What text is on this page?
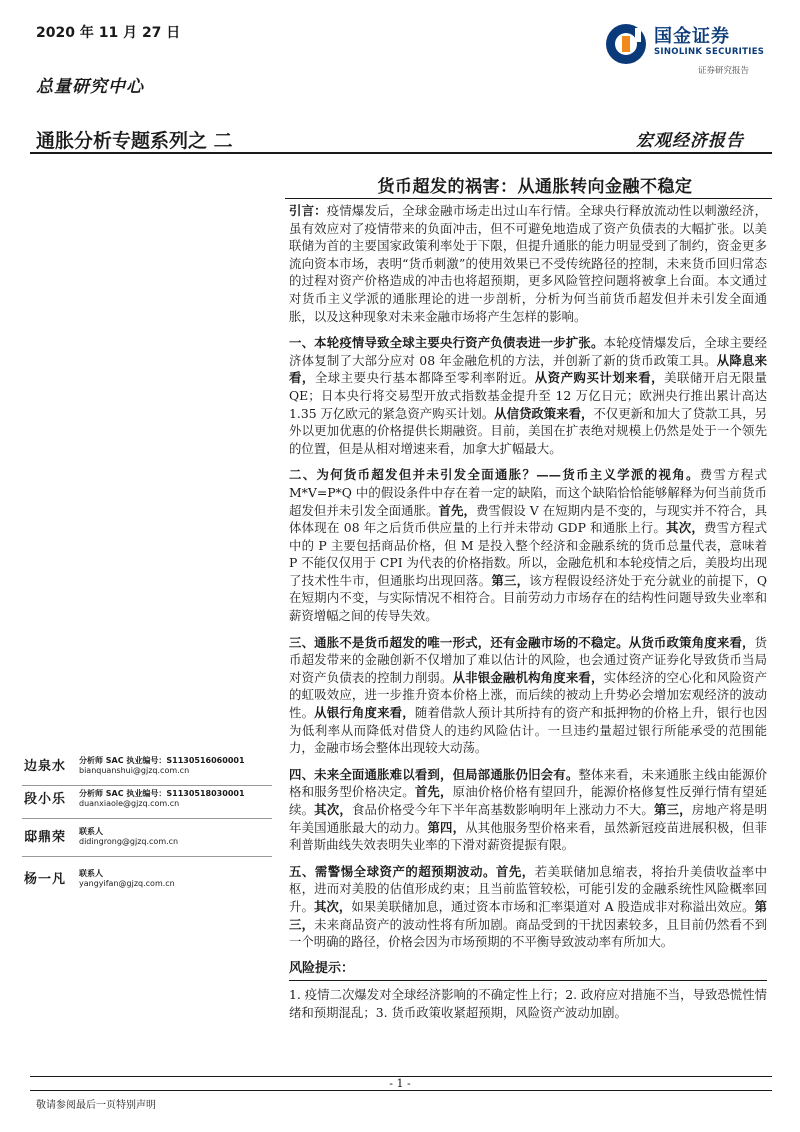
2020 年 11 月 27 日
总量研究中心
国金证券
SINOLINK SECURITIES
证券研究报告
通胀分析专题系列之 二	宏观经济报告
货币超发的祸害：从通胀转向金融不稳定

引言：疫情爆发后，全球金融市场走出过山车行情。全球央行释放流动性以刺激经济，虽有效应对了疫情带来的负面冲击，但不可避免地造成了资产负债表的大幅扩张。以美联储为首的主要国家政策利率处于下限，但提升通胀的能力明显受到了制约，资金更多流向资本市场，表明“货币刺激”的使用效果已不受传统路径的控制，未来货币回归常态的过程对资产价格造成的冲击也将超预期，更多风险管控问题将被拿上台面。本文通过对货币主义学派的通胀理论的进一步剖析，分析为何当前货币超发但并未引发全面通胀，以及这种现象对未来金融市场将产生怎样的影响。

一、本轮疫情导致全球主要央行资产负债表进一步扩张。本轮疫情爆发后，全球主要经济体复制了大部分应对 08 年金融危机的方法，并创新了新的货币政策工具。从降息来看，全球主要央行基本都降至零利率附近。从资产购买计划来看，美联储开启无限量 QE；日本央行将交易型开放式指数基金提升至 12 万亿日元；欧洲央行推出累计高达 1.35 万亿欧元的紧急资产购买计划。从信贷政策来看，不仅更新和加大了贷款工具，另外以更加优惠的价格提供长期融资。目前，美国在扩表绝对规模上仍然是处于一个领先的位置，但是从相对增速来看，加拿大扩幅最大。

二、为何货币超发但并未引发全面通胀？——货币主义学派的视角。费雪方程式 M*V=P*Q 中的假设条件中存在着一定的缺陷，而这个缺陷恰恰能够解释为何当前货币超发但并未引发全面通胀。首先，费雪假设 V 在短期内是不变的，与现实并不符合，具体体现在 08 年之后货币供应量的上行并未带动 GDP 和通胀上行。其次，费雪方程式中的 P 主要包括商品价格，但 M 是投入整个经济和金融系统的货币总量代表，意味着 P 不能仅仅用于 CPI 为代表的价格指数。所以，金融危机和本轮疫情之后，美股均出现了技术性牛市，但通胀均出现回落。第三，该方程假设经济处于充分就业的前提下，Q 在短期内不变，与实际情况不相符合。目前劳动力市场存在的结构性问题导致失业率和薪资增幅之间的传导失效。

三、通胀不是货币超发的唯一形式，还有金融市场的不稳定。从货币政策角度来看，货币超发带来的金融创新不仅增加了难以估计的风险，也会通过资产证券化导致货币当局对资产负债表的控制力削弱。从非银金融机构角度来看，实体经济的空心化和风险资产的虹吸效应，进一步推升资本价格上涨，而后续的被动上升势必会增加宏观经济的波动性。从银行角度来看，随着借款人预计其所持有的资产和抵押物的价格上升，银行也因为低利率从而降低对借贷人的违约风险估计。一旦违约量超过银行所能承受的范围能力，金融市场会整体出现较大动荡。

四、未来全面通胀难以看到，但局部通胀仍旧会有。整体来看，未来通胀主线由能源价格和服务型价格决定。首先，原油价格价格有望回升，能源价格修复性反弹行情有望延续。其次，食品价格受今年下半年高基数影响明年上涨动力不大。第三，房地产将是明年美国通胀最大的动力。第四，从其他服务型价格来看，虽然新冠疫苗进展积极，但菲利普斯曲线失效表明失业率的下滑对薪资提振有限。

五、需警惕全球资产的超预期波动。首先，若美联储加息缩表，将抬升美债收益率中枢，进而对美股的估值形成约束；且当前监管较松，可能引发的金融系统性风险概率回升。其次，如果美联储加息，通过资本市场和汇率渠道对 A 股造成非对称溢出效应。第三，未来商品资产的波动性将有所加剧。商品受到的干扰因素较多，且目前仍然看不到一个明确的路径，价格会因为市场预期的不平衡导致波动率有所加大。

风险提示：

1. 疫情二次爆发对全球经济影响的不确定性上行；2. 政府应对措施不当，导致恐慌性情绪和预期混乱；3. 货币政策收紧超预期，风险资产波动加剧。

边泉水 分析师 SAC 执业编号：S1130516060001
bianquanshui@gjzq.com.cn
段小乐 分析师 SAC 执业编号：S1130518030001
duanxiaole@gjzq.com.cn
邸鼎荣 联系人
didingrong@gjzq.com.cn
杨一凡 联系人
yangyifan@gjzq.com.cn
- 1 -
敬请参阅最后一页特别声明
